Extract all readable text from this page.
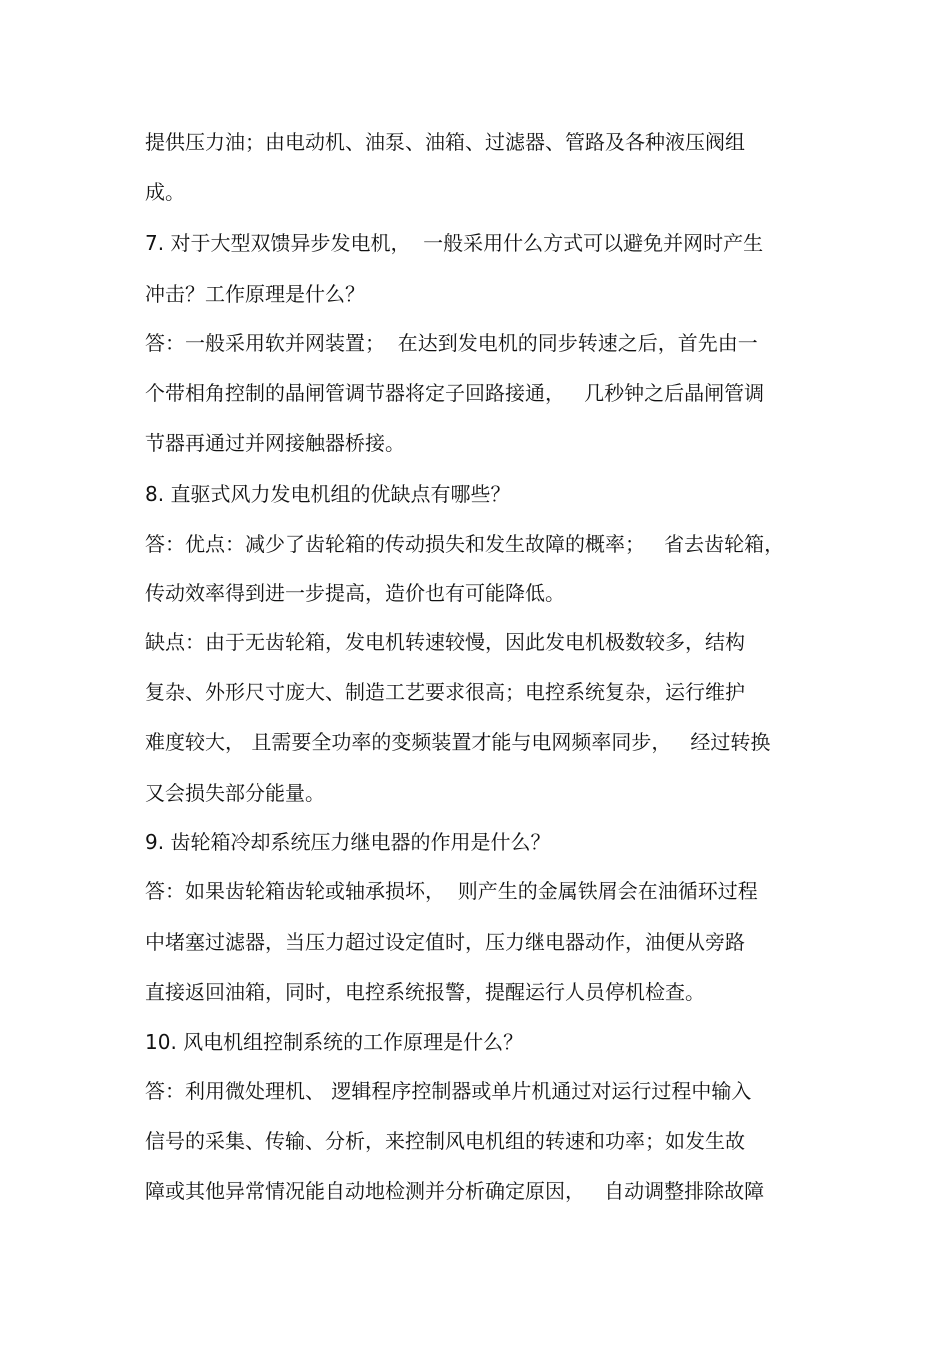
提供压力油；由电动机、油泵、油箱、过滤器、管路及各种液压阀组
成。
7. 对于大型双馈异步发电机，  一般采用什么方式可以避免并网时产生
冲击？工作原理是什么？
答：一般采用软并网装置；  在达到发电机的同步转速之后，首先由一
个带相角控制的晶闸管调节器将定子回路接通，   几秒钟之后晶闸管调
节器再通过并网接触器桥接。
8. 直驱式风力发电机组的优缺点有哪些？
答：优点：减少了齿轮箱的传动损失和发生故障的概率；   省去齿轮箱，
传动效率得到进一步提高，造价也有可能降低。
缺点：由于无齿轮箱，发电机转速较慢，因此发电机极数较多，结构
复杂、外形尺寸庞大、制造工艺要求很高；电控系统复杂，运行维护
难度较大， 且需要全功率的变频装置才能与电网频率同步，   经过转换
又会损失部分能量。
9. 齿轮箱冷却系统压力继电器的作用是什么？
答：如果齿轮箱齿轮或轴承损坏，  则产生的金属铁屑会在油循环过程
中堵塞过滤器，当压力超过设定值时，压力继电器动作，油便从旁路
直接返回油箱，同时，电控系统报警，提醒运行人员停机检查。
10. 风电机组控制系统的工作原理是什么？
答：利用微处理机、 逻辑程序控制器或单片机通过对运行过程中输入
信号的采集、传输、分析，来控制风电机组的转速和功率；如发生故
障或其他异常情况能自动地检测并分析确定原因，   自动调整排除故障
